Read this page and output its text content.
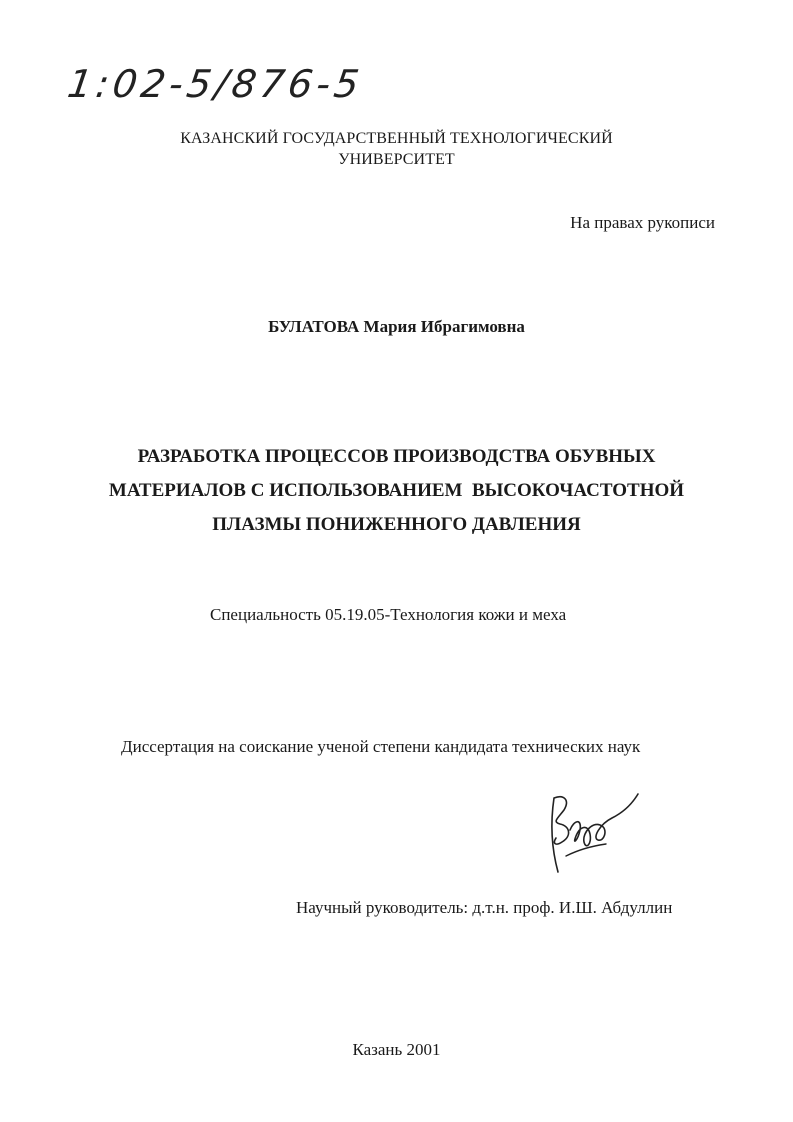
1:02-5/876-5
КАЗАНСКИЙ ГОСУДАРСТВЕННЫЙ ТЕХНОЛОГИЧЕСКИЙ
УНИВЕРСИТЕТ
На правах рукописи
БУЛАТОВА Мария Ибрагимовна
РАЗРАБОТКА ПРОЦЕССОВ ПРОИЗВОДСТВА ОБУВНЫХ
МАТЕРИАЛОВ С ИСПОЛЬЗОВАНИЕМ  ВЫСОКОЧАСТОТНОЙ
ПЛАЗМЫ ПОНИЖЕННОГО ДАВЛЕНИЯ
Специальность 05.19.05-Технология кожи и меха
Диссертация на соискание ученой степени кандидата технических наук
Научный руководитель: д.т.н. проф. И.Ш. Абдуллин
Казань 2001
